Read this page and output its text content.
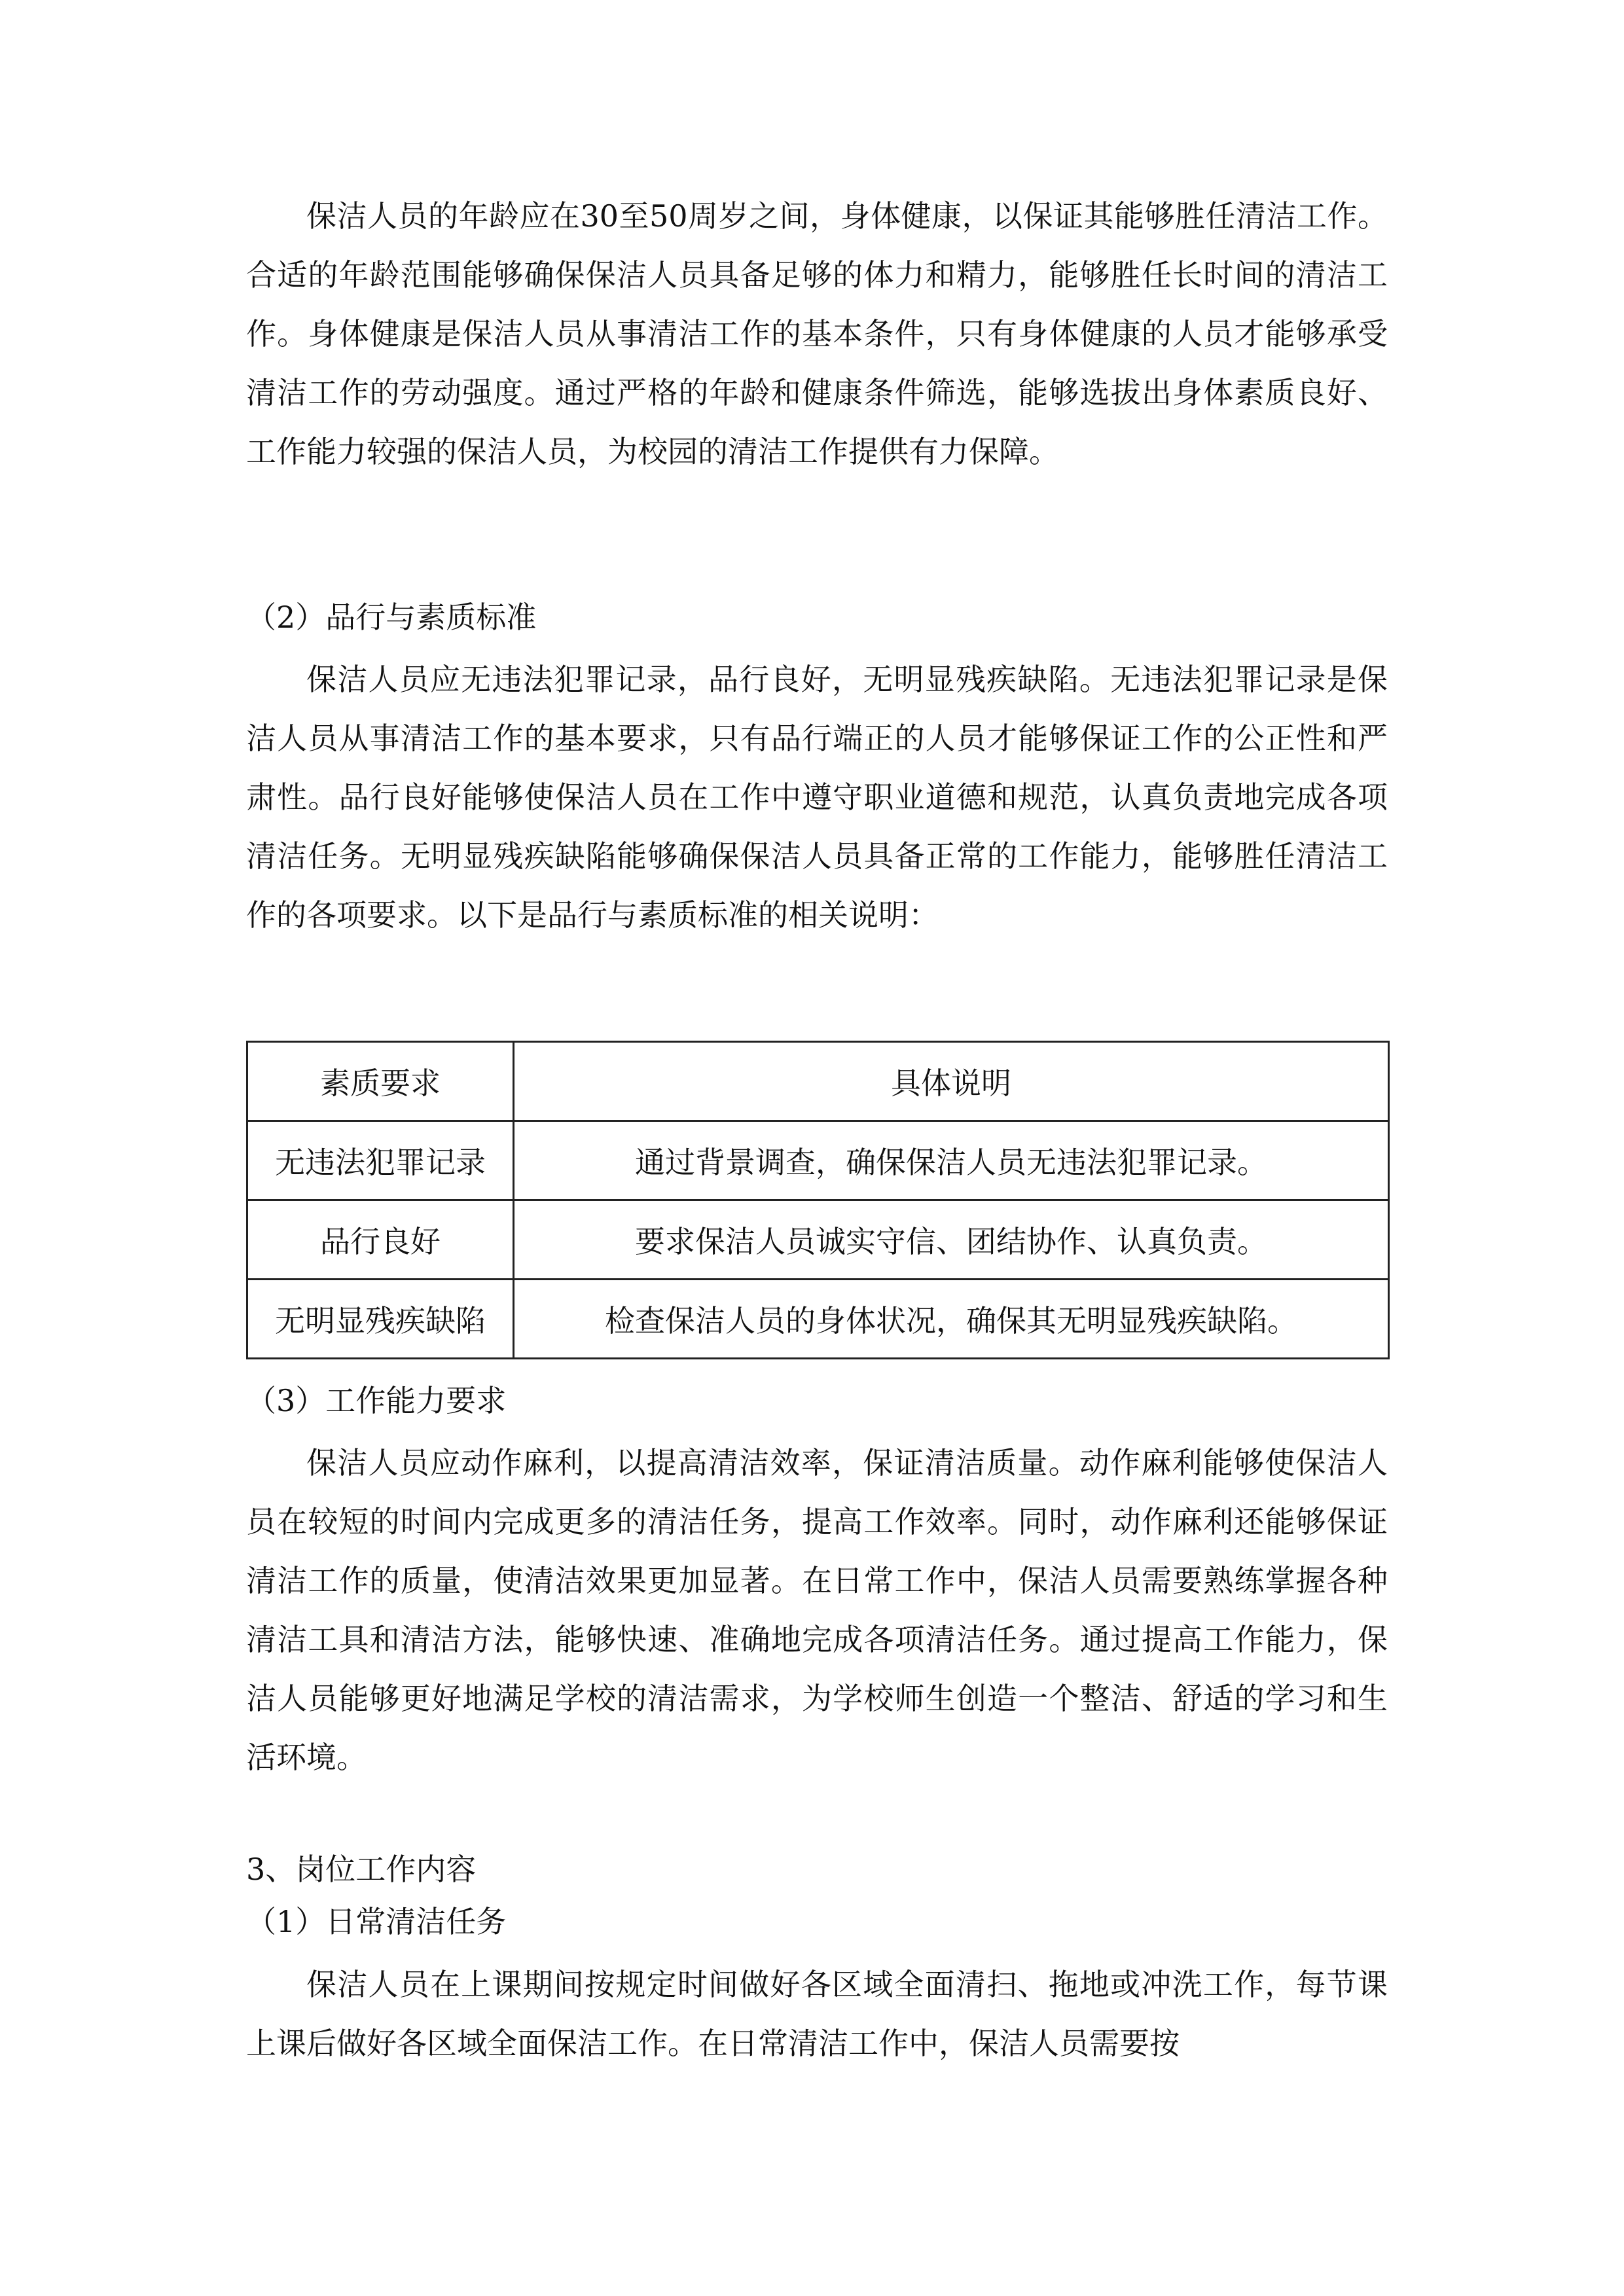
保洁人员的年龄应在30至50周岁之间，身体健康，以保证其能够胜任清洁工作。合适的年龄范围能够确保保洁人员具备足够的体力和精力，能够胜任长时间的清洁工作。身体健康是保洁人员从事清洁工作的基本条件，只有身体健康的人员才能够承受清洁工作的劳动强度。通过严格的年龄和健康条件筛选，能够选拔出身体素质良好、工作能力较强的保洁人员，为校园的清洁工作提供有力保障。

（2）品行与素质标准

保洁人员应无违法犯罪记录，品行良好，无明显残疾缺陷。无违法犯罪记录是保洁人员从事清洁工作的基本要求，只有品行端正的人员才能够保证工作的公正性和严肃性。品行良好能够使保洁人员在工作中遵守职业道德和规范，认真负责地完成各项清洁任务。无明显残疾缺陷能够确保保洁人员具备正常的工作能力，能够胜任清洁工作的各项要求。以下是品行与素质标准的相关说明：

素质要求	具体说明
无违法犯罪记录	通过背景调查，确保保洁人员无违法犯罪记录。
品行良好	要求保洁人员诚实守信、团结协作、认真负责。
无明显残疾缺陷	检查保洁人员的身体状况，确保其无明显残疾缺陷。

（3）工作能力要求

保洁人员应动作麻利，以提高清洁效率，保证清洁质量。动作麻利能够使保洁人员在较短的时间内完成更多的清洁任务，提高工作效率。同时，动作麻利还能够保证清洁工作的质量，使清洁效果更加显著。在日常工作中，保洁人员需要熟练掌握各种清洁工具和清洁方法，能够快速、准确地完成各项清洁任务。通过提高工作能力，保洁人员能够更好地满足学校的清洁需求，为学校师生创造一个整洁、舒适的学习和生活环境。

3、岗位工作内容

（1）日常清洁任务

保洁人员在上课期间按规定时间做好各区域全面清扫、拖地或冲洗工作，每节课上课后做好各区域全面保洁工作。在日常清洁工作中，保洁人员需要按
